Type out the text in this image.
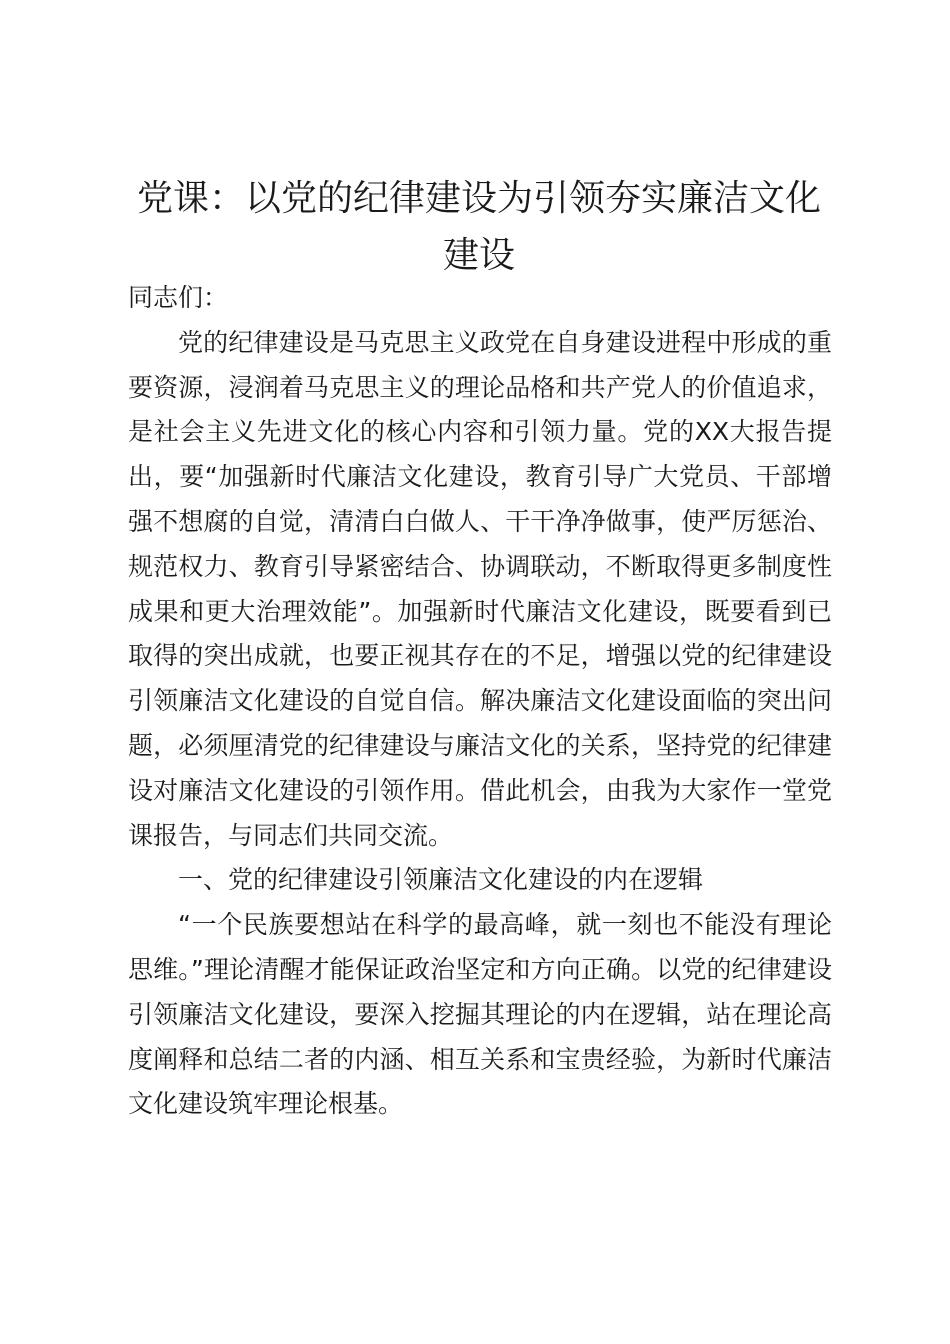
党课：以党的纪律建设为引领夯实廉洁文化建设

同志们：

党的纪律建设是马克思主义政党在自身建设进程中形成的重要资源，浸润着马克思主义的理论品格和共产党人的价值追求，是社会主义先进文化的核心内容和引领力量。党的XX大报告提出，要“加强新时代廉洁文化建设，教育引导广大党员、干部增强不想腐的自觉，清清白白做人、干干净净做事，使严厉惩治、规范权力、教育引导紧密结合、协调联动，不断取得更多制度性成果和更大治理效能”。加强新时代廉洁文化建设，既要看到已取得的突出成就，也要正视其存在的不足，增强以党的纪律建设引领廉洁文化建设的自觉自信。解决廉洁文化建设面临的突出问题，必须厘清党的纪律建设与廉洁文化的关系，坚持党的纪律建设对廉洁文化建设的引领作用。借此机会，由我为大家作一堂党课报告，与同志们共同交流。

一、党的纪律建设引领廉洁文化建设的内在逻辑

“一个民族要想站在科学的最高峰，就一刻也不能没有理论思维。”理论清醒才能保证政治坚定和方向正确。以党的纪律建设引领廉洁文化建设，要深入挖掘其理论的内在逻辑，站在理论高度阐释和总结二者的内涵、相互关系和宝贵经验，为新时代廉洁文化建设筑牢理论根基。
